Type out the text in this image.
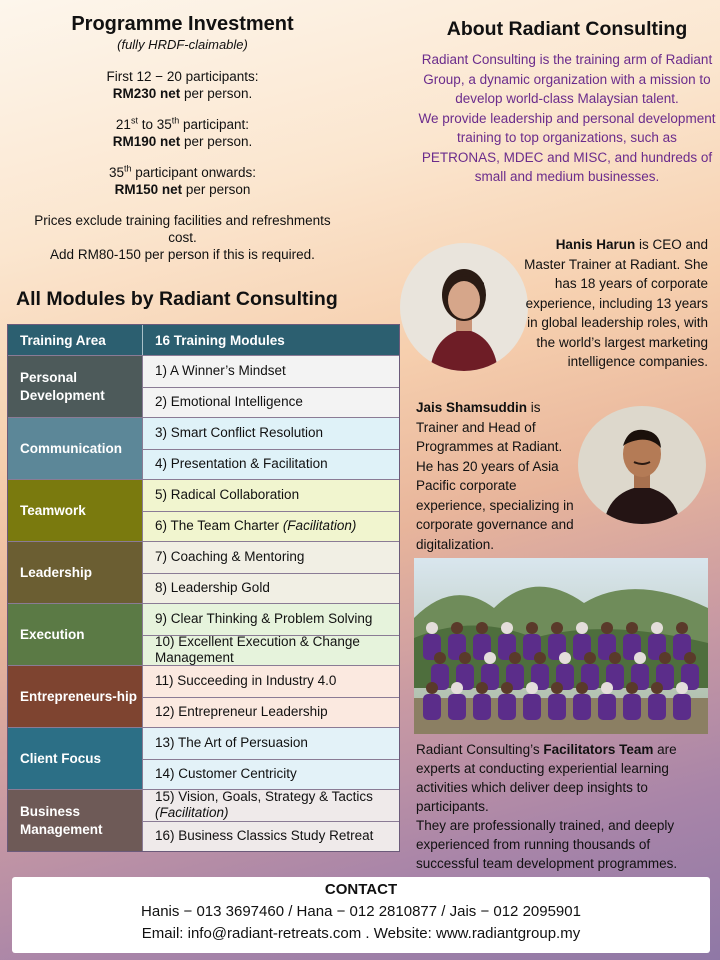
Programme Investment
(fully HRDF-claimable)
First 12 − 20 participants:
RM230 net per person.
21st to 35th participant:
RM190 net per person.
35th participant onwards:
RM150 net per person
Prices exclude training facilities and refreshments cost.
Add RM80-150 per person if this is required.
All Modules by Radiant Consulting
Training Area	16 Training Modules
Personal Development
1) A Winner’s Mindset
2) Emotional Intelligence
Communication
3) Smart Conflict Resolution
4) Presentation & Facilitation
Teamwork
5) Radical Collaboration
6) The Team Charter (Facilitation)
Leadership
7) Coaching & Mentoring
8) Leadership Gold
Execution
9) Clear Thinking & Problem Solving
10) Excellent Execution & Change Management
Entrepreneurs-hip
11) Succeeding in Industry 4.0
12) Entrepreneur Leadership
Client Focus
13) The Art of Persuasion
14) Customer Centricity
Business Management
15) Vision, Goals, Strategy & Tactics (Facilitation)
16) Business Classics Study Retreat
About Radiant Consulting
Radiant Consulting is the training arm of Radiant Group, a dynamic organization with a mission to develop world-class Malaysian talent.
We provide leadership and personal development training to top organizations, such as PETRONAS, MDEC and MISC, and hundreds of small and medium businesses.
Hanis Harun is CEO and Master Trainer at Radiant. She has 18 years of corporate experience, including 13 years in global leadership roles, with the world’s largest marketing intelligence companies.
Jais Shamsuddin is Trainer and Head of Programmes at Radiant. He has 20 years of Asia Pacific corporate experience, specializing in corporate governance and digitalization.
Radiant Consulting’s Facilitators Team are experts at conducting experiential learning activities which deliver deep insights to participants.
They are professionally trained, and deeply experienced from running thousands of successful team development programmes.
CONTACT
Hanis − 013 3697460 / Hana − 012 2810877 / Jais − 012 2095901
Email: info@radiant-retreats.com . Website: www.radiantgroup.my
